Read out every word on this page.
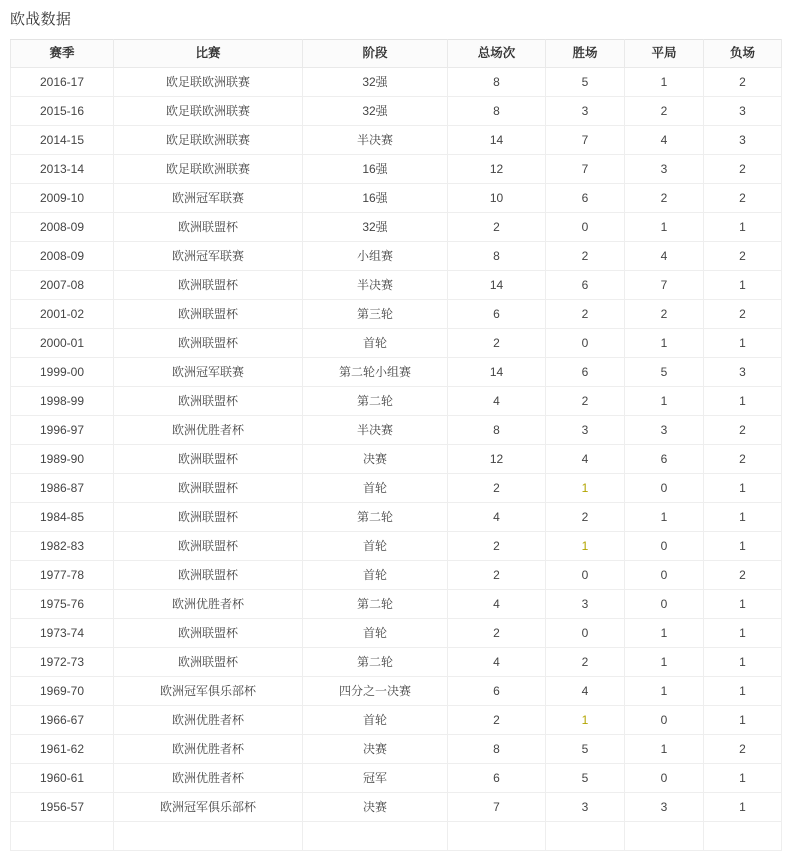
欧战数据
赛季	比赛	阶段	总场次	胜场	平局	负场
2016-17	欧足联欧洲联赛	32强	8	5	1	2
2015-16	欧足联欧洲联赛	32强	8	3	2	3
2014-15	欧足联欧洲联赛	半决赛	14	7	4	3
2013-14	欧足联欧洲联赛	16强	12	7	3	2
2009-10	欧洲冠军联赛	16强	10	6	2	2
2008-09	欧洲联盟杯	32强	2	0	1	1
2008-09	欧洲冠军联赛	小组赛	8	2	4	2
2007-08	欧洲联盟杯	半决赛	14	6	7	1
2001-02	欧洲联盟杯	第三轮	6	2	2	2
2000-01	欧洲联盟杯	首轮	2	0	1	1
1999-00	欧洲冠军联赛	第二轮小组赛	14	6	5	3
1998-99	欧洲联盟杯	第二轮	4	2	1	1
1996-97	欧洲优胜者杯	半决赛	8	3	3	2
1989-90	欧洲联盟杯	决赛	12	4	6	2
1986-87	欧洲联盟杯	首轮	2	1	0	1
1984-85	欧洲联盟杯	第二轮	4	2	1	1
1982-83	欧洲联盟杯	首轮	2	1	0	1
1977-78	欧洲联盟杯	首轮	2	0	0	2
1975-76	欧洲优胜者杯	第二轮	4	3	0	1
1973-74	欧洲联盟杯	首轮	2	0	1	1
1972-73	欧洲联盟杯	第二轮	4	2	1	1
1969-70	欧洲冠军俱乐部杯	四分之一决赛	6	4	1	1
1966-67	欧洲优胜者杯	首轮	2	1	0	1
1961-62	欧洲优胜者杯	决赛	8	5	1	2
1960-61	欧洲优胜者杯	冠军	6	5	0	1
1956-57	欧洲冠军俱乐部杯	决赛	7	3	3	1
